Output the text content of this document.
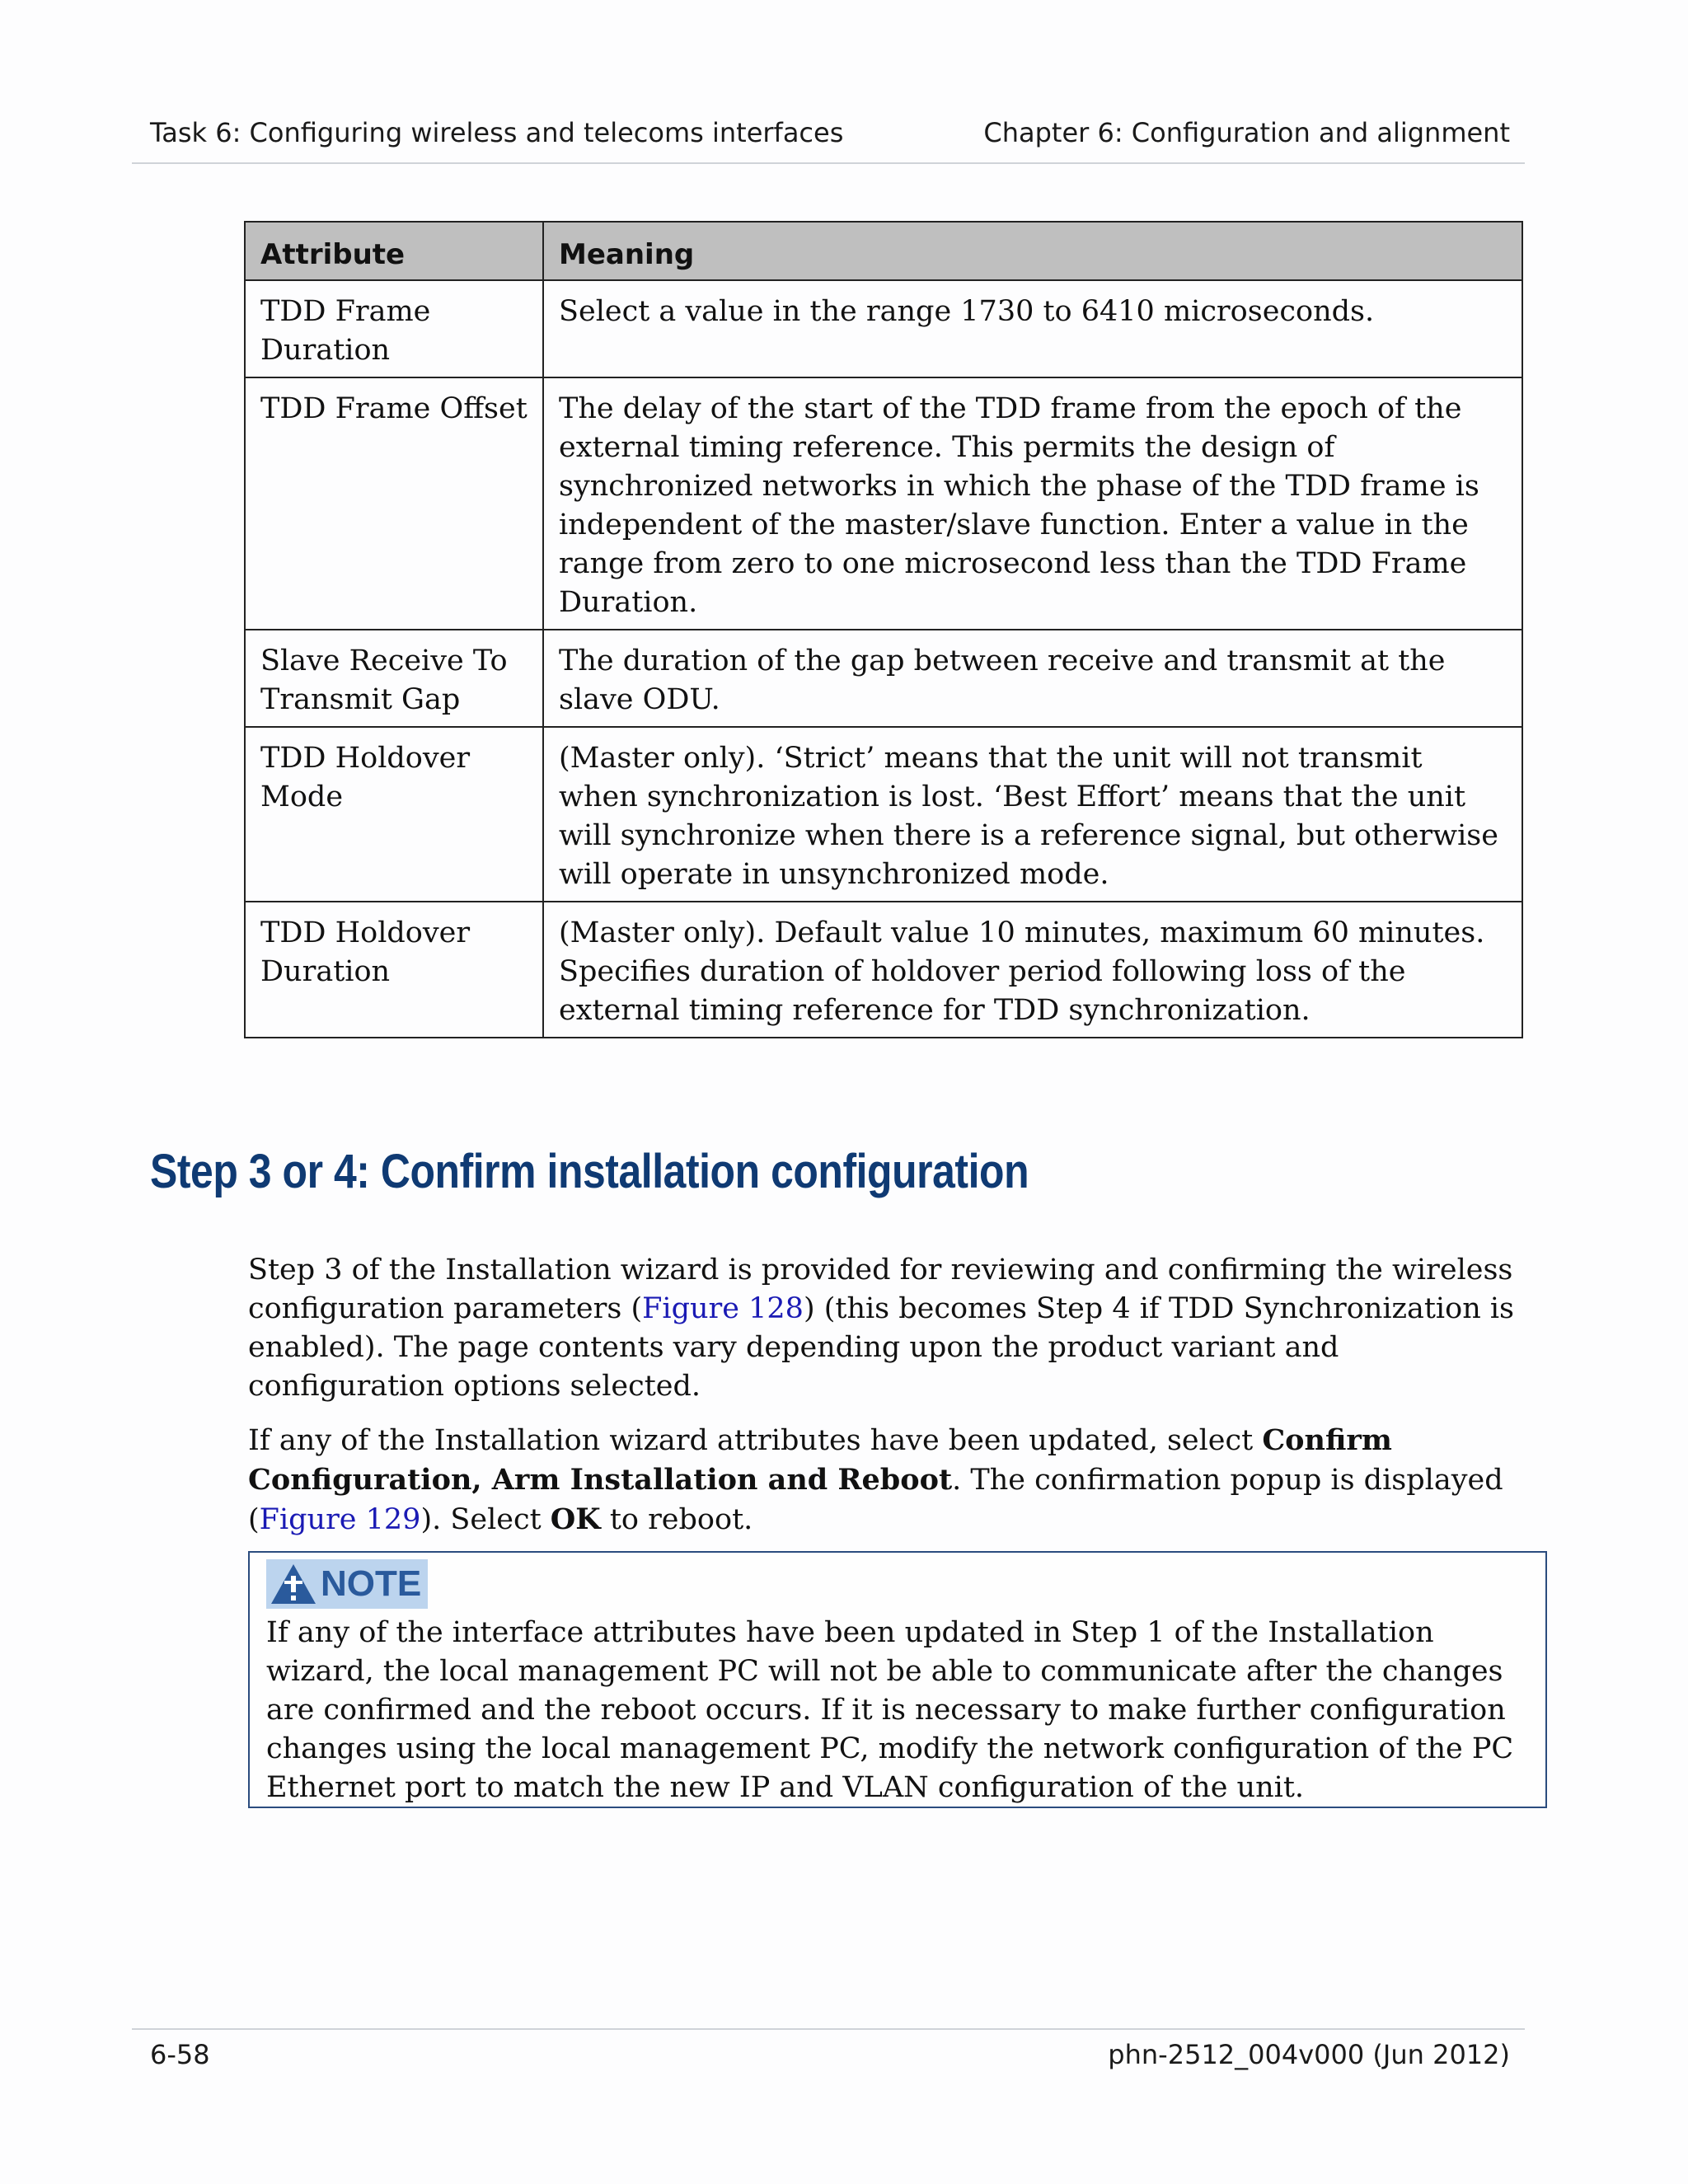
Task 6: Configuring wireless and telecoms interfaces	Chapter 6: Configuration and alignment
Attribute	Meaning
TDD Frame Duration	Select a value in the range 1730 to 6410 microseconds.
TDD Frame Offset	The delay of the start of the TDD frame from the epoch of the external timing reference. This permits the design of synchronized networks in which the phase of the TDD frame is independent of the master/slave function. Enter a value in the range from zero to one microsecond less than the TDD Frame Duration.
Slave Receive To Transmit Gap	The duration of the gap between receive and transmit at the slave ODU.
TDD Holdover Mode	(Master only). ‘Strict’ means that the unit will not transmit when synchronization is lost. ‘Best Effort’ means that the unit will synchronize when there is a reference signal, but otherwise will operate in unsynchronized mode.
TDD Holdover Duration	(Master only). Default value 10 minutes, maximum 60 minutes. Specifies duration of holdover period following loss of the external timing reference for TDD synchronization.
Step 3 or 4: Confirm installation configuration

Step 3 of the Installation wizard is provided for reviewing and confirming the wireless configuration parameters (Figure 128) (this becomes Step 4 if TDD Synchronization is enabled). The page contents vary depending upon the product variant and configuration options selected.

If any of the Installation wizard attributes have been updated, select Confirm Configuration, Arm Installation and Reboot. The confirmation popup is displayed (Figure 129). Select OK to reboot.

NOTE

If any of the interface attributes have been updated in Step 1 of the Installation wizard, the local management PC will not be able to communicate after the changes are confirmed and the reboot occurs. If it is necessary to make further configuration changes using the local management PC, modify the network configuration of the PC Ethernet port to match the new IP and VLAN configuration of the unit.

6-58	phn-2512_004v000 (Jun 2012)
